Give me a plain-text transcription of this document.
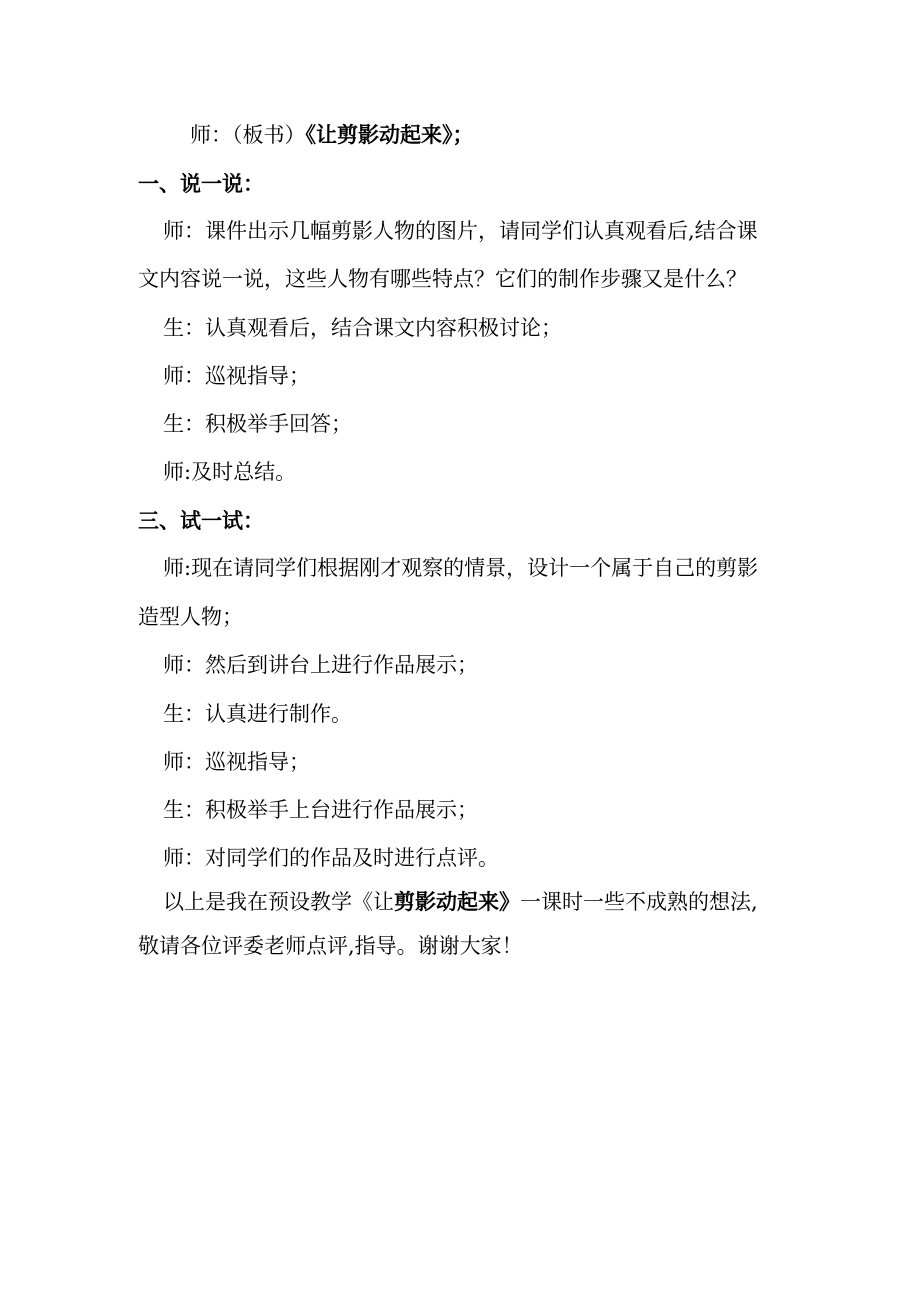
师：（板书）《让剪影动起来》；
一、说一说：
师：课件出示几幅剪影人物的图片，请同学们认真观看后,结合课
文内容说一说，这些人物有哪些特点？它们的制作步骤又是什么？
生：认真观看后，结合课文内容积极讨论；
师：巡视指导；
生：积极举手回答；
师:及时总结。
三、试一试：
师:现在请同学们根据刚才观察的情景，设计一个属于自己的剪影
造型人物；
师：然后到讲台上进行作品展示；
生：认真进行制作。
师：巡视指导；
生：积极举手上台进行作品展示；
师：对同学们的作品及时进行点评。
以上是我在预设教学《让剪影动起来》一课时一些不成熟的想法,
敬请各位评委老师点评,指导。谢谢大家！
